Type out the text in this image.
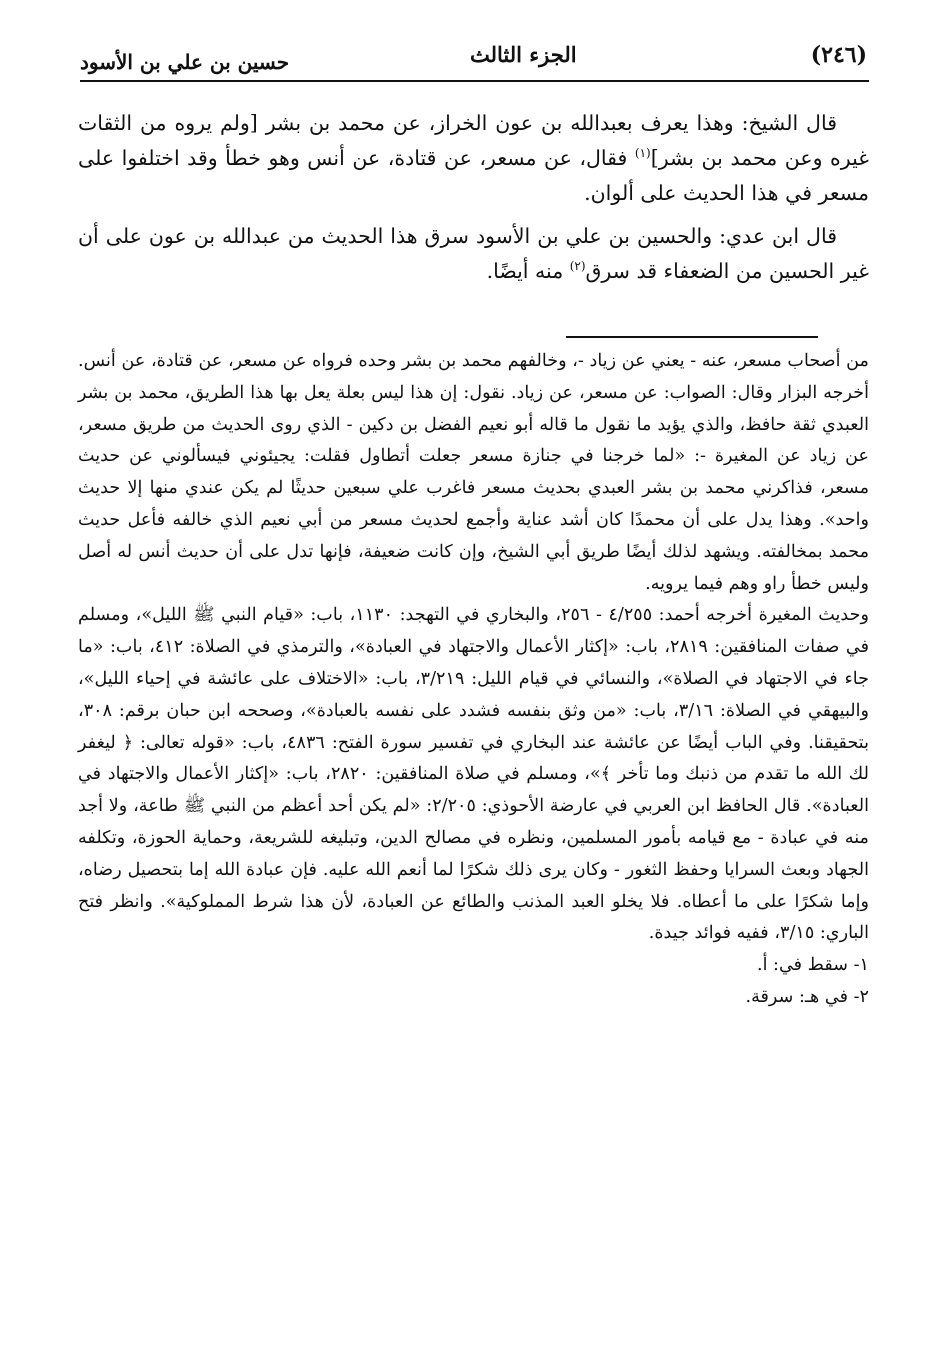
حسين بن علي بن الأسود	الجزء الثالث	(٢٤٦)

قال الشيخ: وهذا يعرف بعبدالله بن عون الخراز، عن محمد بن بشر [ولم يروه من الثقات غيره وعن محمد بن بشر]$^{(١)}$ فقال، عن مسعر، عن قتادة، عن أنس وهو خطأ وقد اختلفوا على مسعر في هذا الحديث على ألوان.

قال ابن عدي: والحسين بن علي بن الأسود سرق هذا الحديث من عبدالله بن عون على أن غير الحسين من الضعفاء قد سرق$^{(٢)}$ منه أيضًا.

من أصحاب مسعر، عنه - يعني عن زياد -، وخالفهم محمد بن بشر وحده فرواه عن مسعر، عن قتادة، عن أنس. أخرجه البزار وقال: الصواب: عن مسعر، عن زياد. نقول: إن هذا ليس بعلة يعل بها هذا الطريق، محمد بن بشر العبدي ثقة حافظ، والذي يؤيد ما نقول ما قاله أبو نعيم الفضل بن دكين - الذي روى الحديث من طريق مسعر، عن زياد عن المغيرة -: «لما خرجنا في جنازة مسعر جعلت أتطاول فقلت: يجيئوني فيسألوني عن حديث مسعر، فذاكرني محمد بن بشر العبدي بحديث مسعر فاغرب علي سبعين حديثًا لم يكن عندي منها إلا حديث واحد». وهذا يدل على أن محمدًا كان أشد عناية وأجمع لحديث مسعر من أبي نعيم الذي خالفه فأعل حديث محمد بمخالفته. ويشهد لذلك أيضًا طريق أبي الشيخ، وإن كانت ضعيفة، فإنها تدل على أن حديث أنس له أصل وليس خطأ راو وهم فيما يرويه.

وحديث المغيرة أخرجه أحمد: ٤/٢٥٥ - ٢٥٦، والبخاري في التهجد: ١١٣٠، باب: «قيام النبي ﷺ الليل»، ومسلم في صفات المنافقين: ٢٨١٩، باب: «إكثار الأعمال والاجتهاد في العبادة»، والترمذي في الصلاة: ٤١٢، باب: «ما جاء في الاجتهاد في الصلاة»، والنسائي في قيام الليل: ٣/٢١٩، باب: «الاختلاف على عائشة في إحياء الليل»، والبيهقي في الصلاة: ٣/١٦، باب: «من وثق بنفسه فشدد على نفسه بالعبادة»، وصححه ابن حبان برقم: ٣٠٨، بتحقيقنا. وفي الباب أيضًا عن عائشة عند البخاري في تفسير سورة الفتح: ٤٨٣٦، باب: «قوله تعالى: ﴿ ليغفر لك الله ما تقدم من ذنبك وما تأخر ﴾»، ومسلم في صلاة المنافقين: ٢٨٢٠، باب: «إكثار الأعمال والاجتهاد في العبادة». قال الحافظ ابن العربي في عارضة الأحوذي: ٢/٢٠٥: «لم يكن أحد أعظم من النبي ﷺ طاعة، ولا أجد منه في عبادة - مع قيامه بأمور المسلمين، ونظره في مصالح الدين، وتبليغه للشريعة، وحماية الحوزة، وتكلفه الجهاد وبعث السرايا وحفظ الثغور - وكان يرى ذلك شكرًا لما أنعم الله عليه. فإن عبادة الله إما بتحصيل رضاه، وإما شكرًا على ما أعطاه. فلا يخلو العبد المذنب والطائع عن العبادة، لأن هذا شرط المملوكية». وانظر فتح الباري: ٣/١٥، ففيه فوائد جيدة.

١- سقط في: أ.

٢- في هـ: سرقة.
